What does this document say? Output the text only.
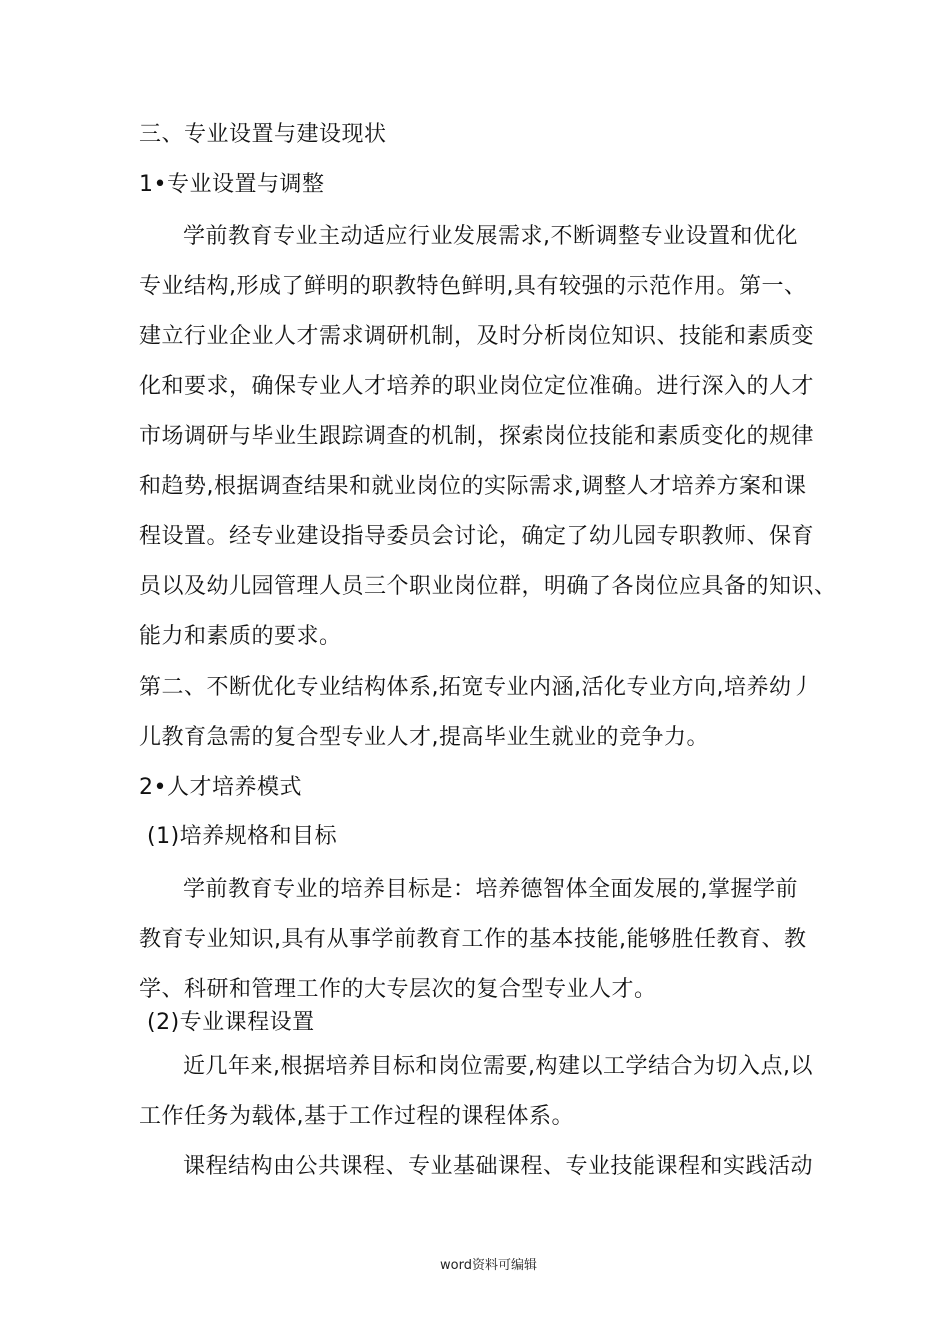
三、专业设置与建设现状
1•专业设置与调整
学前教育专业主动适应行业发展需求,不断调整专业设置和优化
专业结构,形成了鲜明的职教特色鲜明,具有较强的示范作用。第一、
建立行业企业人才需求调研机制，及时分析岗位知识、技能和素质变
化和要求，确保专业人才培养的职业岗位定位准确。进行深入的人才
市场调研与毕业生跟踪调查的机制，探索岗位技能和素质变化的规律
和趋势,根据调查结果和就业岗位的实际需求,调整人才培养方案和课
程设置。经专业建设指导委员会讨论，确定了幼儿园专职教师、保育
员以及幼儿园管理人员三个职业岗位群，明确了各岗位应具备的知识、
能力和素质的要求。
第二、不断优化专业结构体系,拓宽专业内涵,活化专业方向,培养幼丿
儿教育急需的复合型专业人才,提高毕业生就业的竞争力。
2•人才培养模式
(1)培养规格和目标
学前教育专业的培养目标是：培养德智体全面发展的,掌握学前
教育专业知识,具有从事学前教育工作的基本技能,能够胜任教育、教
学、科研和管理工作的大专层次的复合型专业人才。
(2)专业课程设置
近几年来,根据培养目标和岗位需要,构建以工学结合为切入点,以
工作任务为载体,基于工作过程的课程体系。
课程结构由公共课程、专业基础课程、专业技能课程和实践活动
word资料可编辑
